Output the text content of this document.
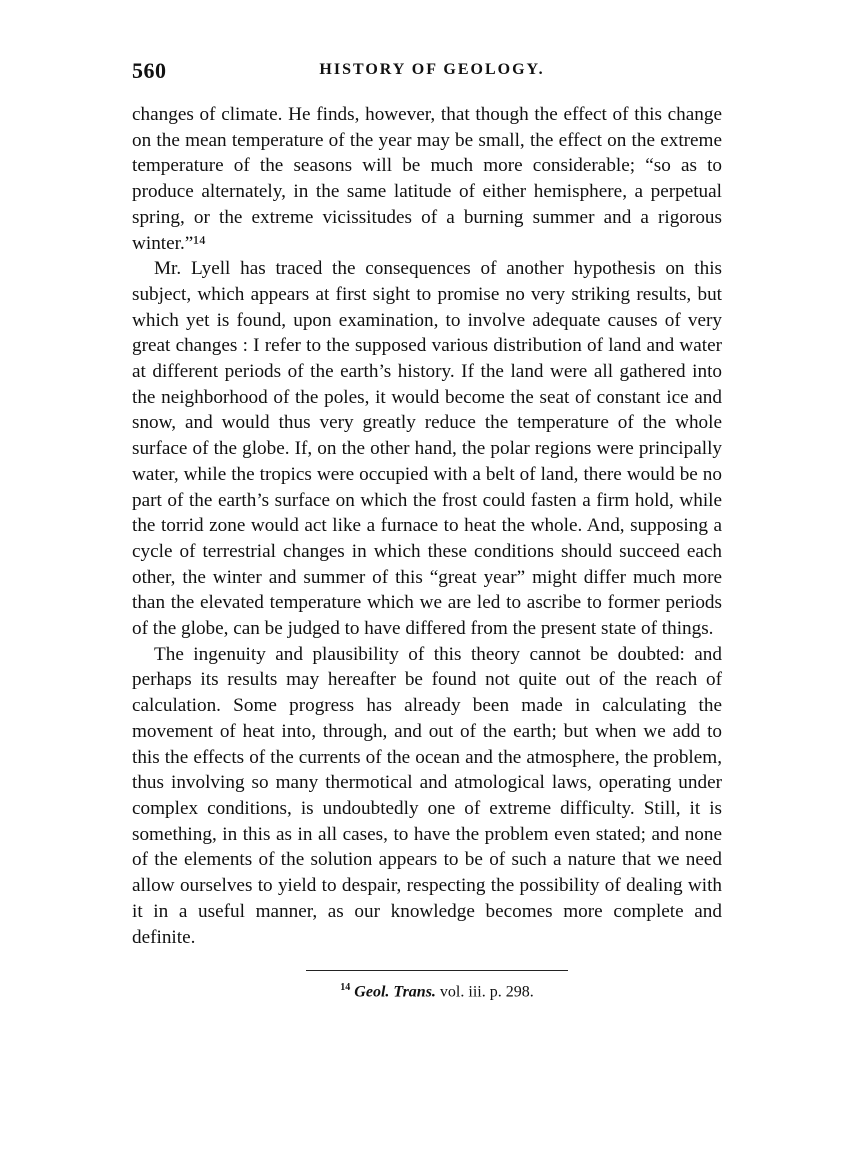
560	HISTORY OF GEOLOGY.

changes of climate. He finds, however, that though the effect of this change on the mean temperature of the year may be small, the effect on the extreme temperature of the seasons will be much more considerable; “so as to produce alternately, in the same latitude of either hemisphere, a perpetual spring, or the extreme vicissitudes of a burning summer and a rigorous winter.”¹⁴

Mr. Lyell has traced the consequences of another hypothesis on this subject, which appears at first sight to promise no very striking results, but which yet is found, upon examination, to involve adequate causes of very great changes : I refer to the supposed various distribution of land and water at different periods of the earth’s history. If the land were all gathered into the neighborhood of the poles, it would become the seat of constant ice and snow, and would thus very greatly reduce the temperature of the whole surface of the globe. If, on the other hand, the polar regions were principally water, while the tropics were occupied with a belt of land, there would be no part of the earth’s surface on which the frost could fasten a firm hold, while the torrid zone would act like a furnace to heat the whole. And, supposing a cycle of terrestrial changes in which these conditions should succeed each other, the winter and summer of this “great year” might differ much more than the elevated temperature which we are led to ascribe to former periods of the globe, can be judged to have differed from the present state of things.

The ingenuity and plausibility of this theory cannot be doubted: and perhaps its results may hereafter be found not quite out of the reach of calculation. Some progress has already been made in calculating the movement of heat into, through, and out of the earth; but when we add to this the effects of the currents of the ocean and the atmosphere, the problem, thus involving so many thermotical and atmological laws, operating under complex conditions, is undoubtedly one of extreme difficulty. Still, it is something, in this as in all cases, to have the problem even stated; and none of the elements of the solution appears to be of such a nature that we need allow ourselves to yield to despair, respecting the possibility of dealing with it in a useful manner, as our knowledge becomes more complete and definite.

$^{14}$ Geol. Trans. vol. iii. p. 298.
